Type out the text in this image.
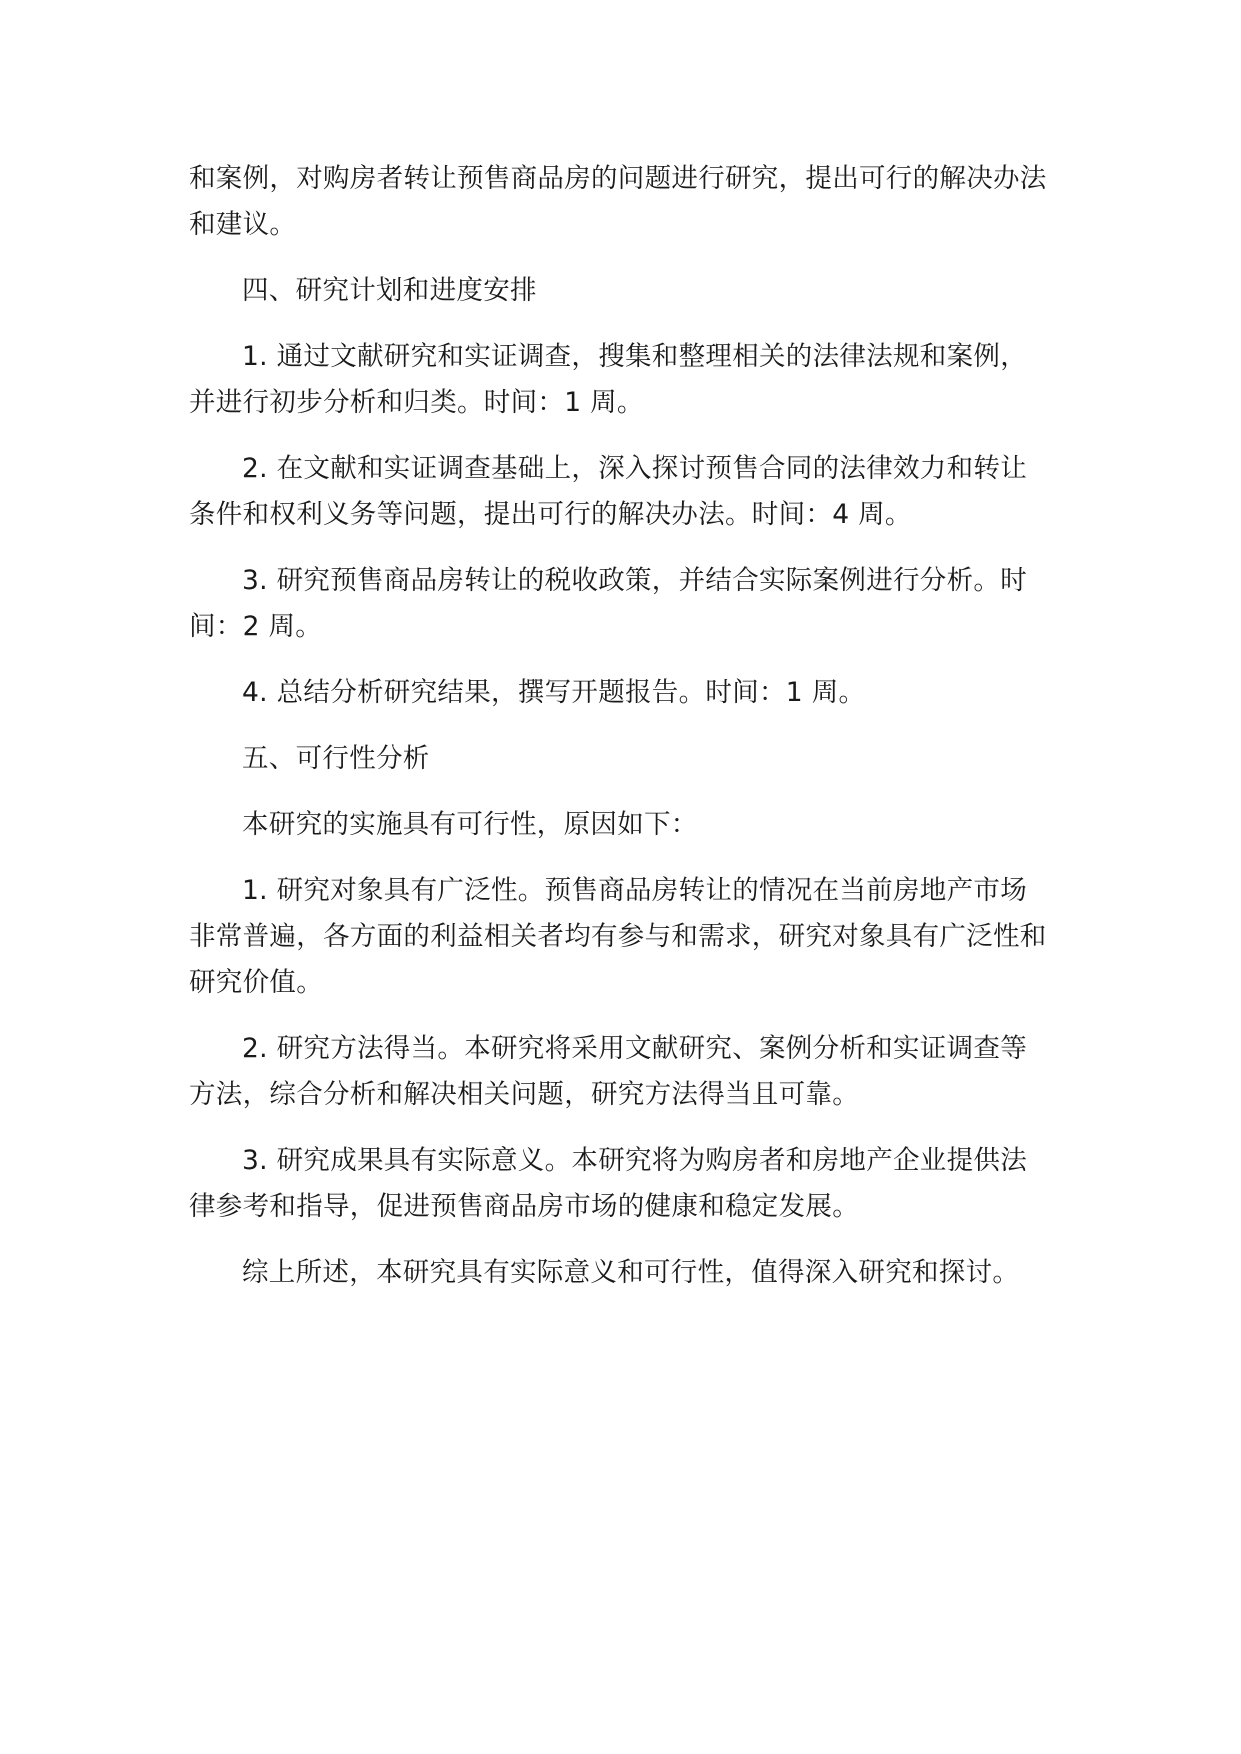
和案例，对购房者转让预售商品房的问题进行研究，提出可行的解决办法和建议。

四、研究计划和进度安排

1. 通过文献研究和实证调查，搜集和整理相关的法律法规和案例，并进行初步分析和归类。时间：1 周。

2. 在文献和实证调查基础上，深入探讨预售合同的法律效力和转让条件和权利义务等问题，提出可行的解决办法。时间：4 周。

3. 研究预售商品房转让的税收政策，并结合实际案例进行分析。时间：2 周。

4. 总结分析研究结果，撰写开题报告。时间：1 周。

五、可行性分析

本研究的实施具有可行性，原因如下：

1. 研究对象具有广泛性。预售商品房转让的情况在当前房地产市场非常普遍，各方面的利益相关者均有参与和需求，研究对象具有广泛性和研究价值。

2. 研究方法得当。本研究将采用文献研究、案例分析和实证调查等方法，综合分析和解决相关问题，研究方法得当且可靠。

3. 研究成果具有实际意义。本研究将为购房者和房地产企业提供法律参考和指导，促进预售商品房市场的健康和稳定发展。

综上所述，本研究具有实际意义和可行性，值得深入研究和探讨。
